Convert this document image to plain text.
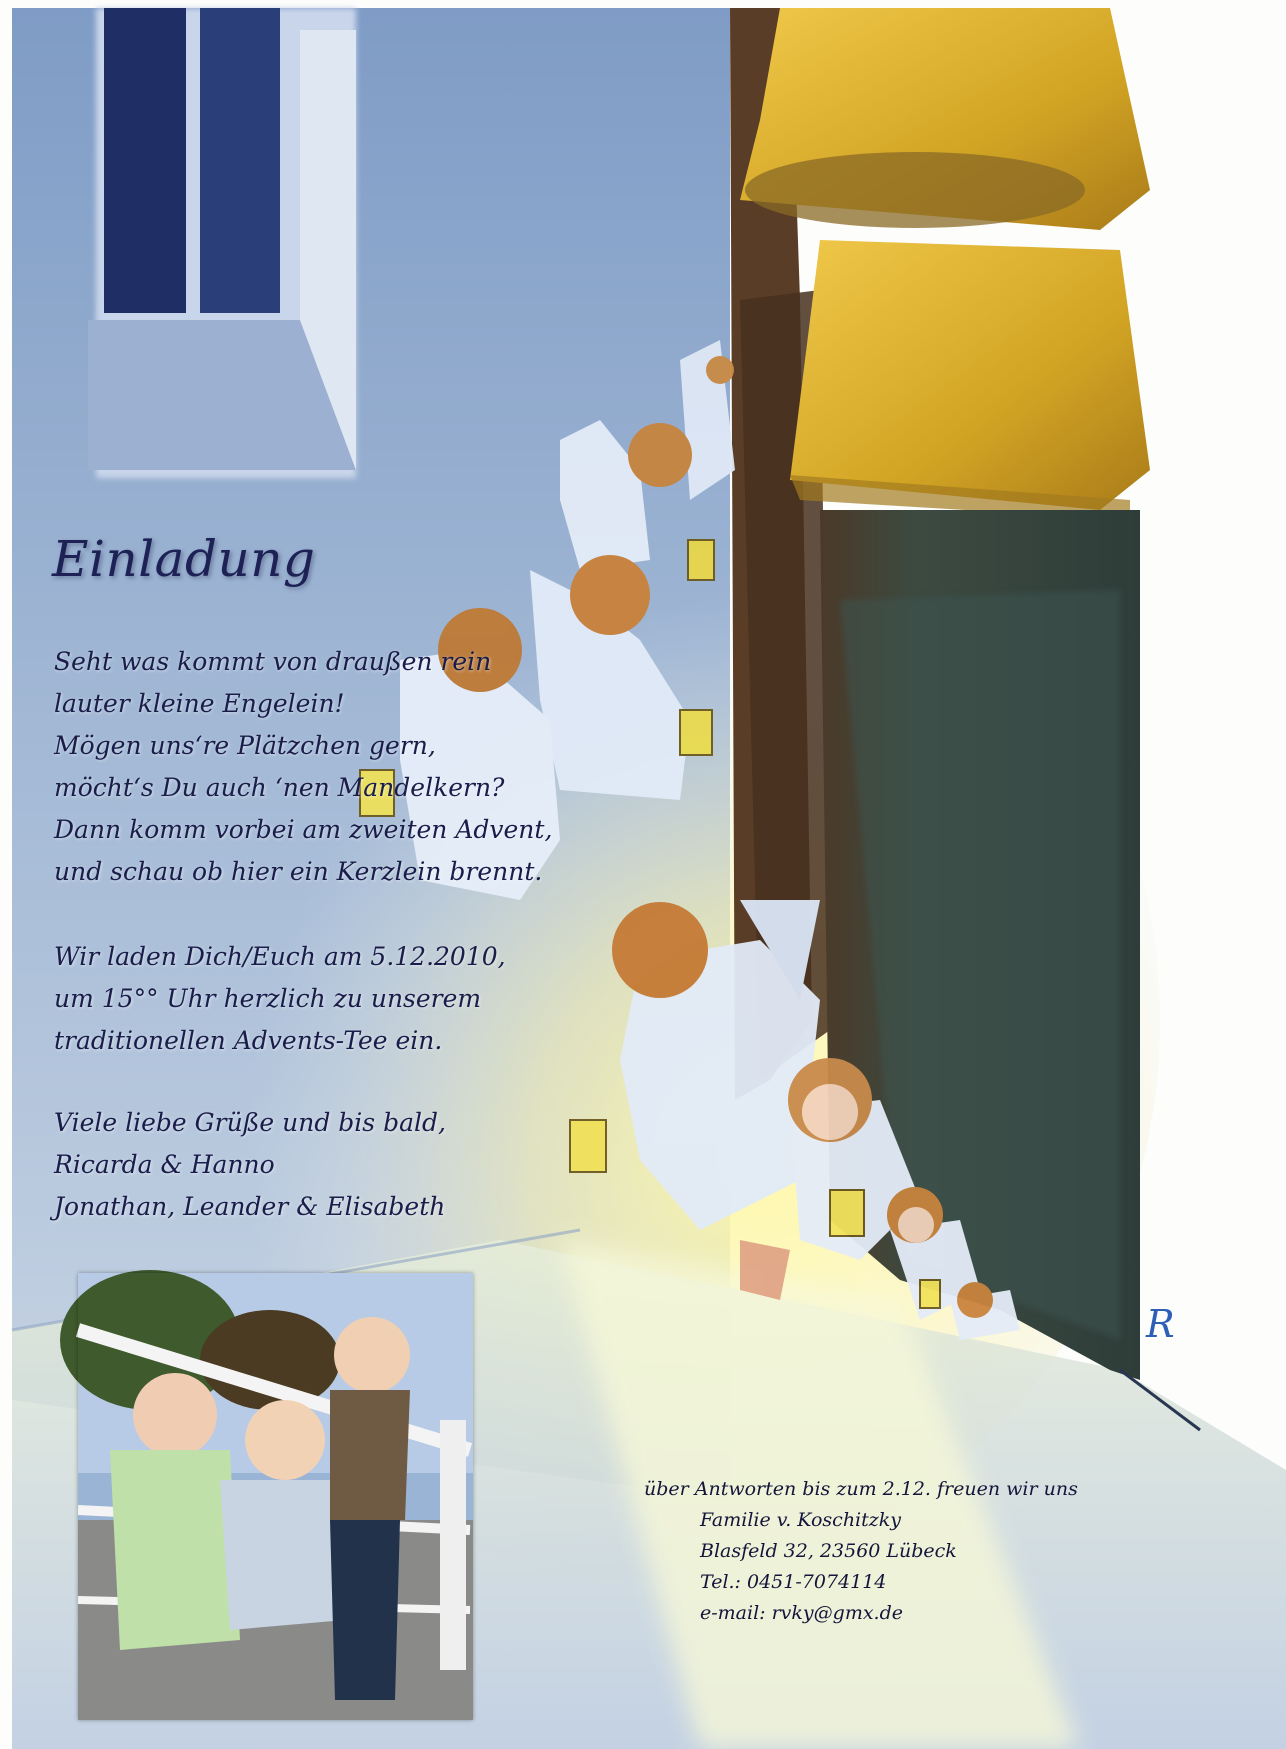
Einladung
Seht was kommt von draußen rein
lauter kleine Engelein!
Mögen uns‘re Plätzchen gern,
möcht‘s Du auch ‘nen Mandelkern?
Dann komm vorbei am zweiten Advent,
und schau ob hier ein Kerzlein brennt.
Wir laden Dich/Euch am 5.12.2010,
um 15°° Uhr herzlich zu unserem
traditionellen Advents-Tee ein.
Viele liebe Grüße und bis bald,
Ricarda & Hanno
Jonathan, Leander & Elisabeth
über Antworten bis zum 2.12. freuen wir uns
Familie v. Koschitzky
Blasfeld 32, 23560 Lübeck
Tel.: 0451-7074114
e-mail: rvky@gmx.de
R
